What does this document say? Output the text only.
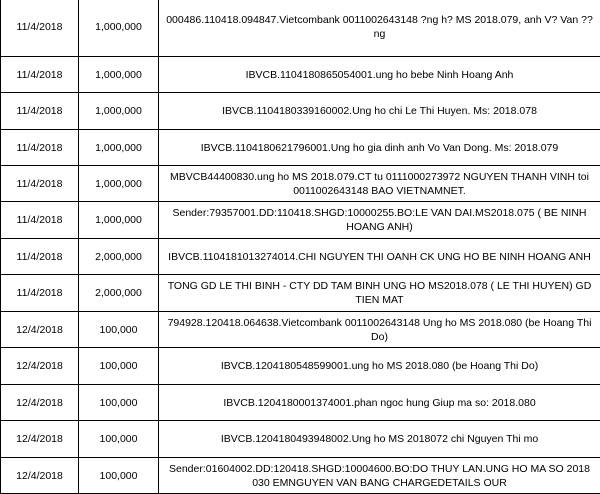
11/4/2018	1,000,000	000486.110418.094847.Vietcombank 0011002643148 ?ng h? MS 2018.079, anh V? Van ??ng
11/4/2018	1,000,000	IBVCB.1104180865054001.ung ho bebe Ninh Hoang Anh
11/4/2018	1,000,000	IBVCB.1104180339160002.Ung ho chi Le Thi Huyen. Ms: 2018.078
11/4/2018	1,000,000	IBVCB.1104180621796001.Ung ho gia dinh anh Vo Van Dong. Ms: 2018.079
11/4/2018	1,000,000	MBVCB44400830.ung ho MS 2018.079.CT tu 0111000273972 NGUYEN THANH VINH toi 0011002643148 BAO VIETNAMNET.
11/4/2018	1,000,000	Sender:79357001.DD:110418.SHGD:10000255.BO:LE VAN DAI.MS2018.075 ( BE NINH HOANG ANH)
11/4/2018	2,000,000	IBVCB.1104181013274014.CHI NGUYEN THI OANH CK UNG HO BE NINH HOANG ANH
11/4/2018	2,000,000	TONG GD LE THI BINH - CTY DD TAM BINH UNG HO MS2018.078 ( LE THI HUYEN) GD TIEN MAT
12/4/2018	100,000	794928.120418.064638.Vietcombank 0011002643148 Ung ho MS 2018.080 (be Hoang Thi Do)
12/4/2018	100,000	IBVCB.1204180548599001.ung ho MS 2018.080 (be Hoang Thi Do)
12/4/2018	100,000	IBVCB.1204180001374001.phan ngoc hung Giup ma so: 2018.080
12/4/2018	100,000	IBVCB.1204180493948002.Ung ho MS 2018072 chi Nguyen Thi mo
12/4/2018	100,000	Sender:01604002.DD:120418.SHGD:10004600.BO:DO THUY LAN.UNG HO MA SO 2018 030 EMNGUYEN VAN BANG CHARGEDETAILS OUR
